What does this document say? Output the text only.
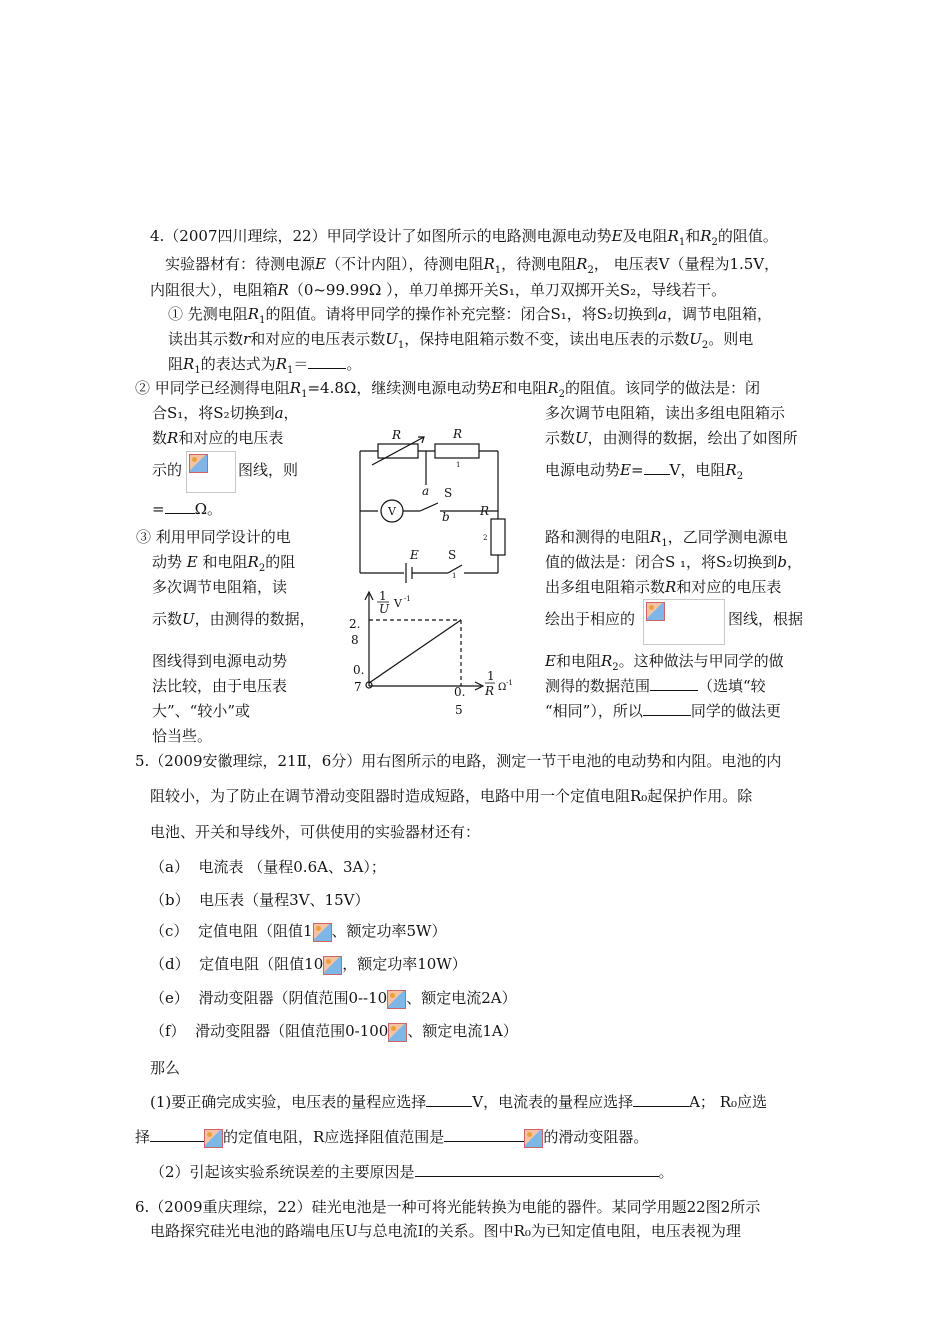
4.（2007四川理综，22）甲同学设计了如图所示的电路测电源电动势E及电阻$R_1$和$R_2$的阻值。
实验器材有：待测电源E（不计内阻），待测电阻$R_1$，待测电阻$R_2$， 电压表V（量程为1.5V，
内阻很大），电阻箱R（0~99.99Ω ），单刀单掷开关S₁，单刀双掷开关S₂，导线若干。
① 先测电阻$R_1$的阻值。请将甲同学的操作补充完整：闭合S₁，将S₂切换到a，调节电阻箱，
读出其示数r和对应的电压表示数$U_1$，保持电阻箱示数不变，读出电压表的示数$U_2$。则电
阻$R_1$的表达式为$R_1=$	。
② 甲同学已经测得电阻$R_1=4.8\Omega$，继续测电源电动势E和电阻$R_2$的阻值。该同学的做法是：闭
合S₁，将S₂切换到a，
数R和对应的电压表
示的	图线，则
= Ω。
③ 利用甲同学设计的电
动势 E 和电阻$R_2$的阻
多次调节电阻箱，读
示数U，由测得的数据，
图线得到电源电动势
法比较，由于电压表
大”、“较小”或
恰当些。
多次调节电阻箱，读出多组电阻箱示
示数U，由测得的数据，绘出了如图所
电源电动势E= V，电阻$R_2$
路和测得的电阻$R_1$，乙同学测电源电
值的做法是：闭合S ₁，将S₂切换到b，
出多组电阻箱示数R和对应的电压表
绘出于相应的	图线，根据
E和电阻$R_2$。这种做法与甲同学的做
测得的数据范围	（选填“较
“相同”），所以	同学的做法更
R	R
1
a S
b	R
2
V
E S
1
1
U V -1
2.
8
0.
7
1
R Ω -1
0.
5
5.（2009安徽理综，21Ⅱ，6分）用右图所示的电路，测定一节干电池的电动势和内阻。电池的内
阻较小，为了防止在调节滑动变阻器时造成短路，电路中用一个定值电阻R₀起保护作用。除
电池、开关和导线外，可供使用的实验器材还有：
（a） 电流表 （量程0.6A、3A）；
（b） 电压表（量程3V、15V）
（c） 定值电阻（阻值1 、额定功率5W）
（d） 定值电阻（阻值10 ，额定功率10W）
（e） 滑动变阻器（阴值范围0--10 、额定电流2A）
（f） 滑动变阻器（阻值范围0-100 、额定电流1A）
那么
(1)要正确完成实验，电压表的量程应选择	V，电流表的量程应选择	A； R₀应选
择	的定值电阻，R应选择阻值范围是	的滑动变阻器。
（2）引起该实验系统误差的主要原因是	。
6.（2009重庆理综，22）硅光电池是一种可将光能转换为电能的器件。某同学用题22图2所示
电路探究硅光电池的路端电压U与总电流I的关系。图中R₀为已知定值电阻，电压表视为理
